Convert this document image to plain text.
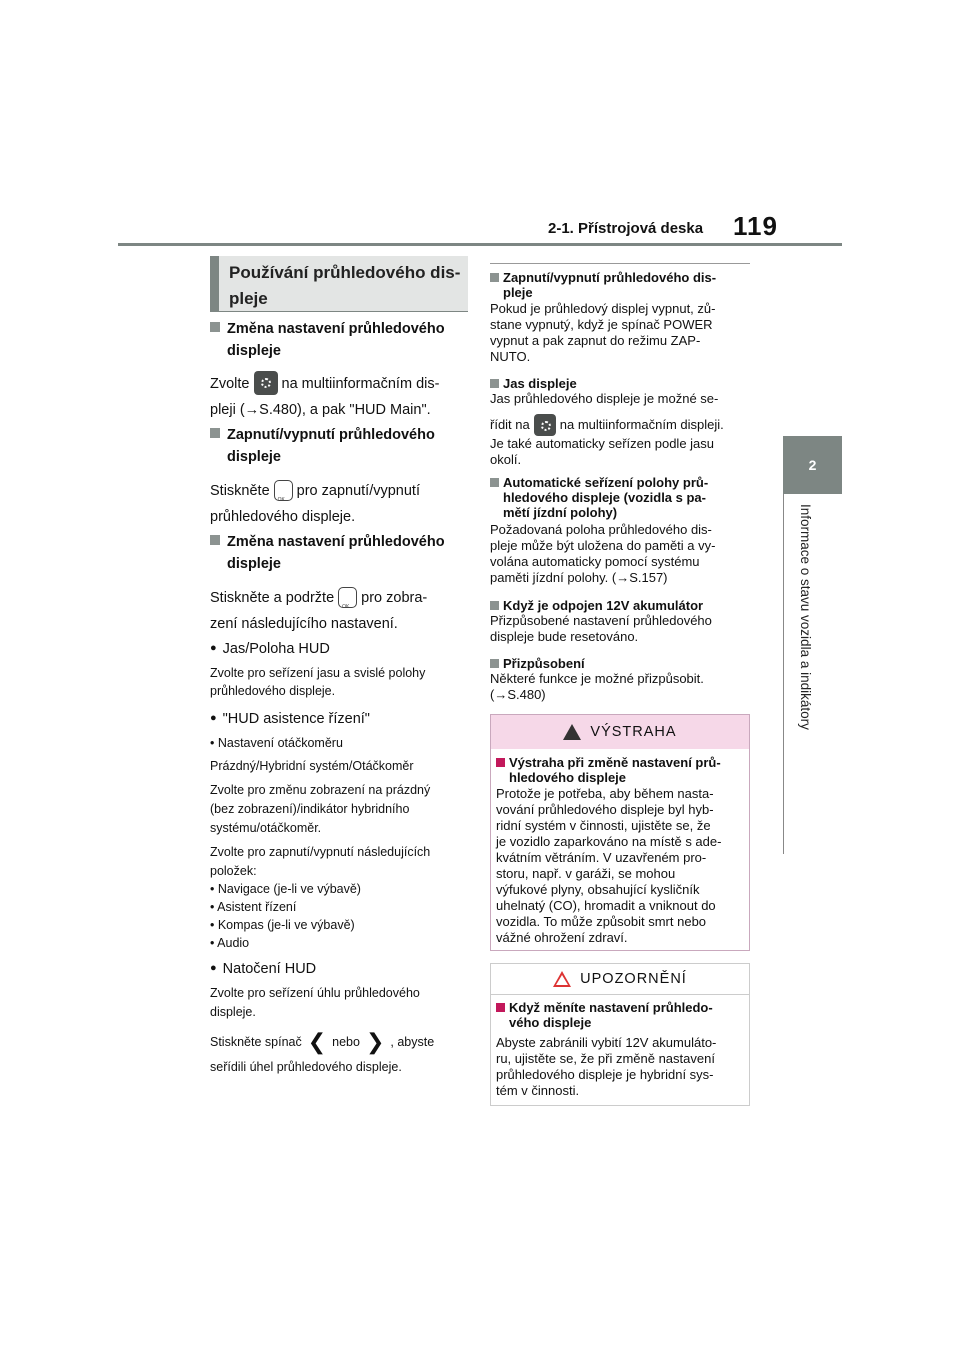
2-1. Přístrojová deska 119
2
Informace o stavu vozidla a indikátory
Používání průhledového dis-
pleje
Změna nastavení průhledového
displeje
Zvolte na multiinformačním dis-
pleji (→S.480), a pak "HUD Main".
Zapnutí/vypnutí průhledového
displeje
Stiskněte OK pro zapnutí/vypnutí
průhledového displeje.
Změna nastavení průhledového
displeje
Stiskněte a podržte OK pro zobra-
zení následujícího nastavení.
● Jas/Poloha HUD
Zvolte pro seřízení jasu a svislé polohy
průhledového displeje.
● "HUD asistence řízení"
• Nastavení otáčkoměru
Prázdný/Hybridní systém/Otáčkoměr
Zvolte pro změnu zobrazení na prázdný
(bez zobrazení)/indikátor hybridního
systému/otáčkoměr.
Zvolte pro zapnutí/vypnutí následujících
položek:
• Navigace (je-li ve výbavě)
• Asistent řízení
• Kompas (je-li ve výbavě)
• Audio
● Natočení HUD
Zvolte pro seřízení úhlu průhledového
displeje.
Stiskněte spínač ❮ nebo ❯ , abyste
seřídili úhel průhledového displeje.
Zapnutí/vypnutí průhledového dis-
pleje
Pokud je průhledový displej vypnut, zů-
stane vypnutý, když je spínač POWER
vypnut a pak zapnut do režimu ZAP-
NUTO.
Jas displeje
Jas průhledového displeje je možné se-
řídit na na multiinformačním displeji.
Je také automaticky seřízen podle jasu
okolí.
Automatické seřízení polohy prů-
hledového displeje (vozidla s pa-
mětí jízdní polohy)
Požadovaná poloha průhledového dis-
pleje může být uložena do paměti a vy-
volána automaticky pomocí systému
paměti jízdní polohy. (→S.157)
Když je odpojen 12V akumulátor
Přizpůsobené nastavení průhledového
displeje bude resetováno.
Přizpůsobení
Některé funkce je možné přizpůsobit.
(→S.480)
VÝSTRAHA
Výstraha při změně nastavení prů-
hledového displeje
Protože je potřeba, aby během nasta-
vování průhledového displeje byl hyb-
ridní systém v činnosti, ujistěte se, že
je vozidlo zaparkováno na místě s ade-
kvátním větráním. V uzavřeném pro-
storu, např. v garáži, se mohou
výfukové plyny, obsahující kysličník
uhelnatý (CO), hromadit a vniknout do
vozidla. To může způsobit smrt nebo
vážné ohrožení zdraví.
UPOZORNĚNÍ
Když měníte nastavení průhledo-
vého displeje
Abyste zabránili vybití 12V akumuláto-
ru, ujistěte se, že při změně nastavení
průhledového displeje je hybridní sys-
tém v činnosti.
